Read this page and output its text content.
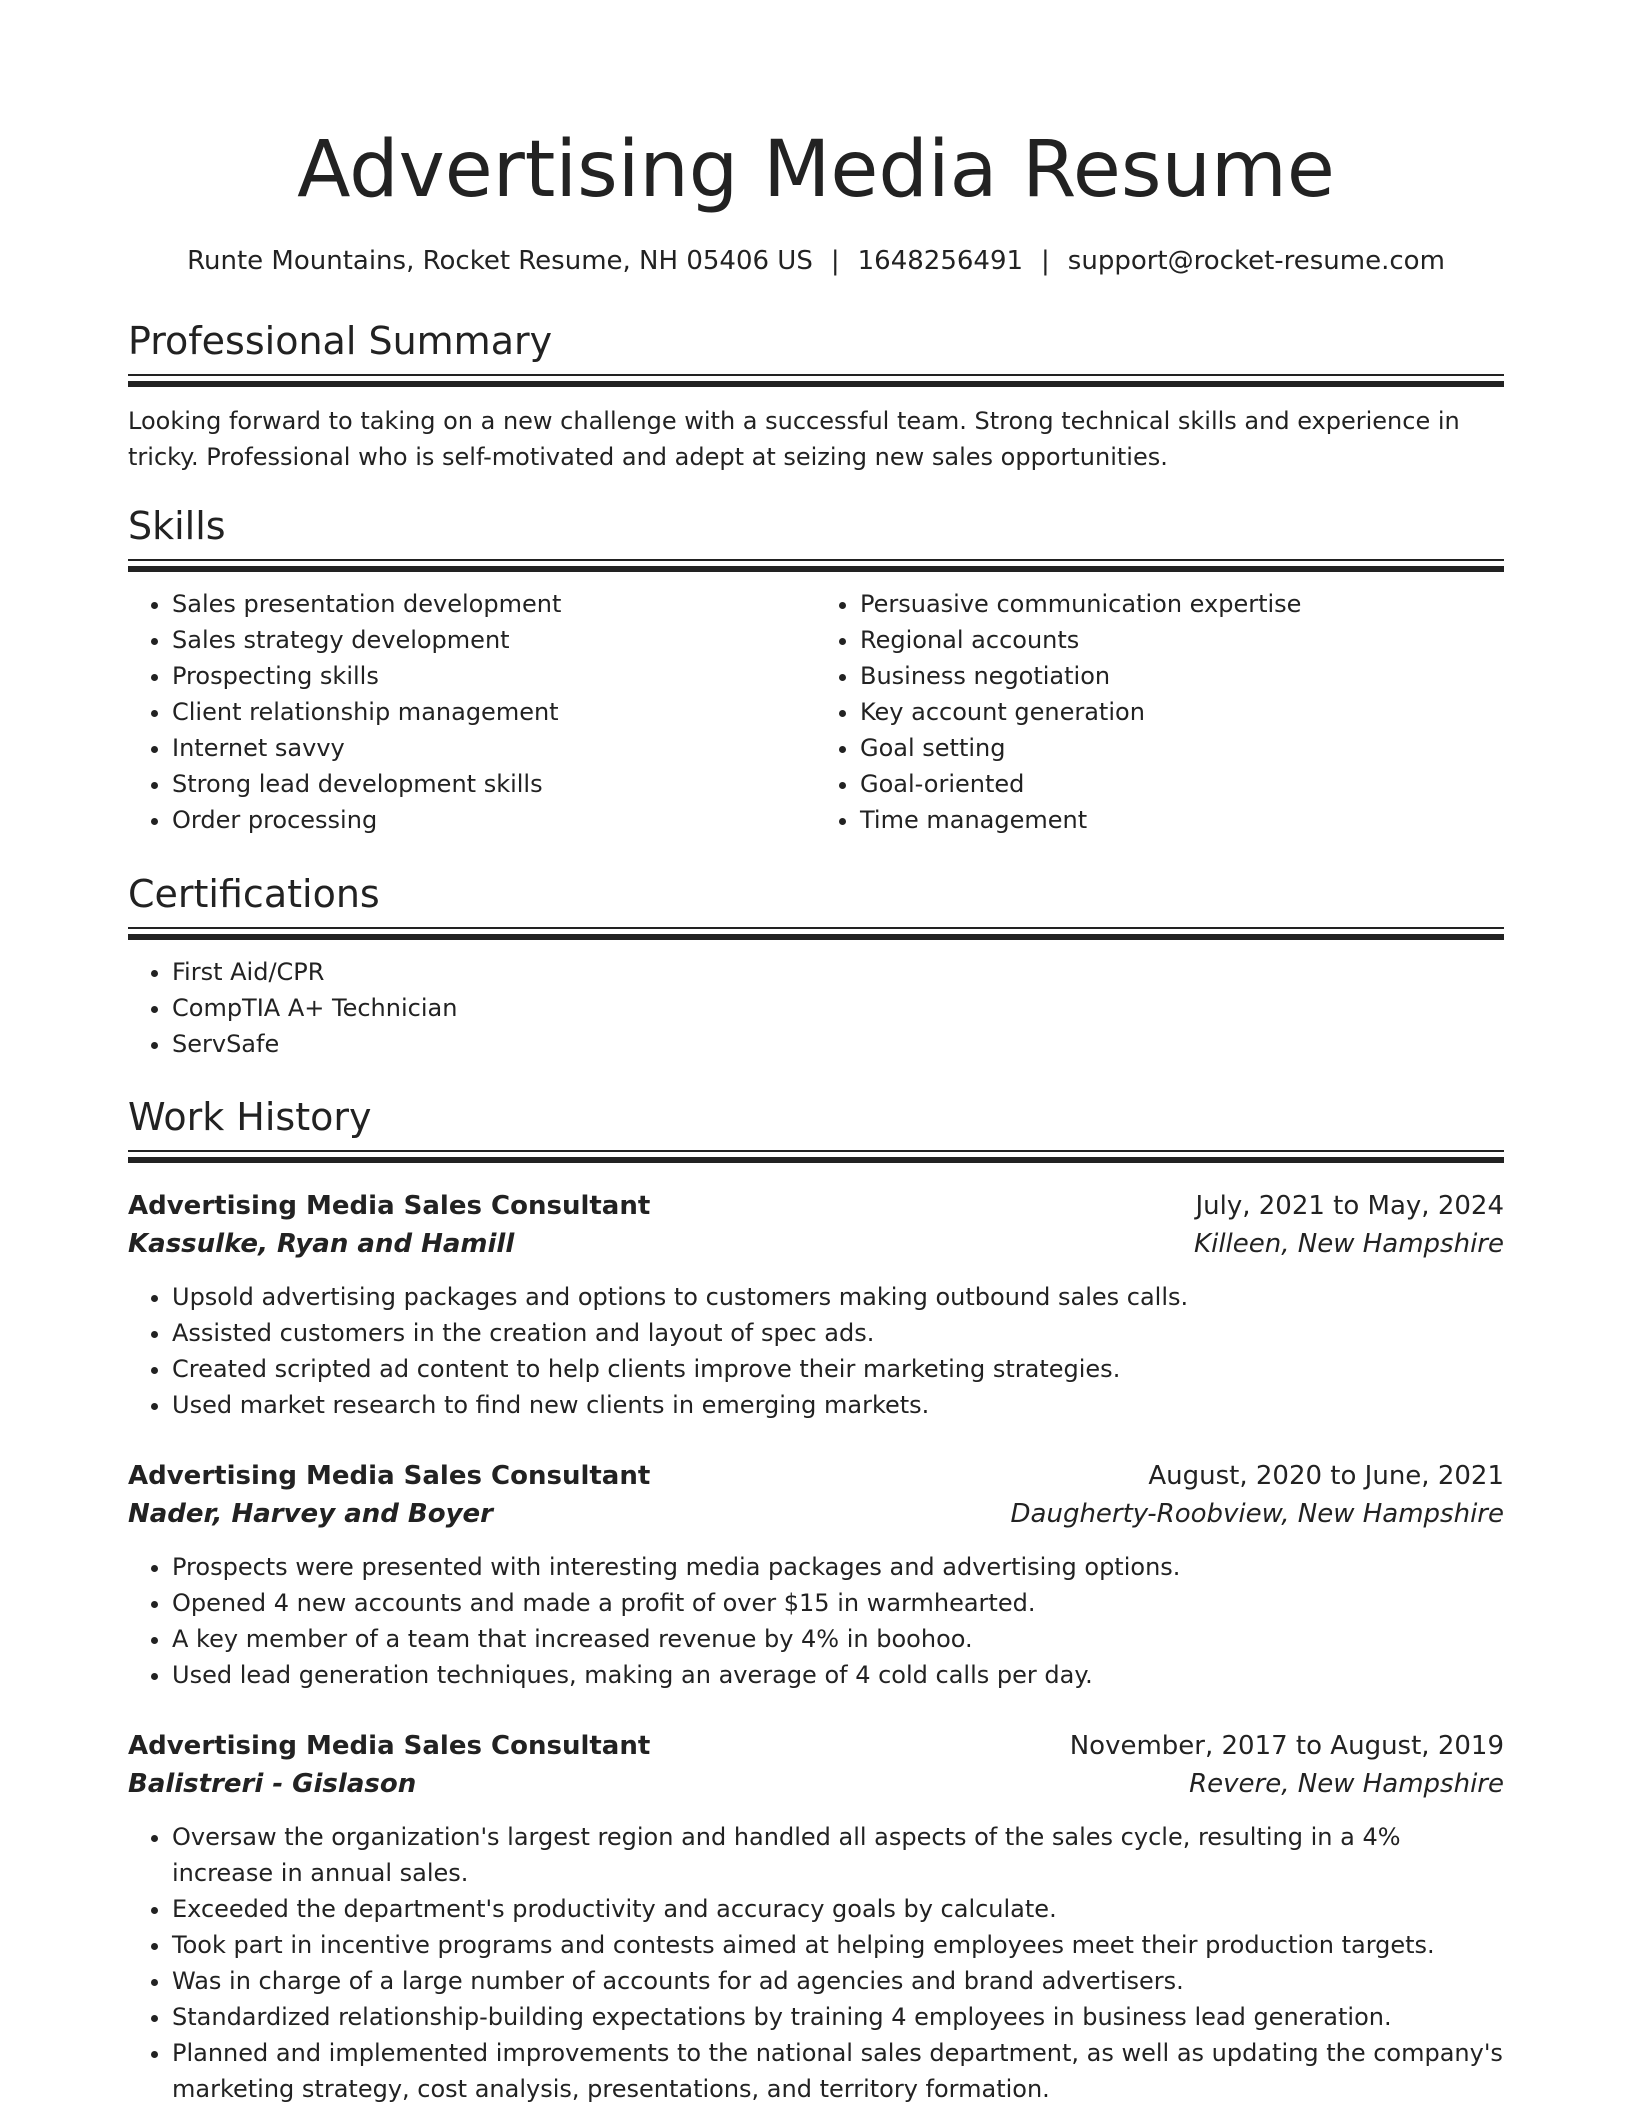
Advertising Media Resume
Runte Mountains, Rocket Resume, NH 05406 US | 1648256491 | support@rocket-resume.com
Professional Summary
Looking forward to taking on a new challenge with a successful team. Strong technical skills and experience in tricky. Professional who is self-motivated and adept at seizing new sales opportunities.
Skills
• Sales presentation development
• Sales strategy development
• Prospecting skills
• Client relationship management
• Internet savvy
• Strong lead development skills
• Order processing
• Persuasive communication expertise
• Regional accounts
• Business negotiation
• Key account generation
• Goal setting
• Goal-oriented
• Time management
Certifications
• First Aid/CPR
• CompTIA A+ Technician
• ServSafe
Work History
Advertising Media Sales Consultant	July, 2021 to May, 2024
Kassulke, Ryan and Hamill	Killeen, New Hampshire
• Upsold advertising packages and options to customers making outbound sales calls.
• Assisted customers in the creation and layout of spec ads.
• Created scripted ad content to help clients improve their marketing strategies.
• Used market research to find new clients in emerging markets.
Advertising Media Sales Consultant	August, 2020 to June, 2021
Nader, Harvey and Boyer	Daugherty-Roobview, New Hampshire
• Prospects were presented with interesting media packages and advertising options.
• Opened 4 new accounts and made a profit of over $15 in warmhearted.
• A key member of a team that increased revenue by 4% in boohoo.
• Used lead generation techniques, making an average of 4 cold calls per day.
Advertising Media Sales Consultant	November, 2017 to August, 2019
Balistreri - Gislason	Revere, New Hampshire
• Oversaw the organization's largest region and handled all aspects of the sales cycle, resulting in a 4% increase in annual sales.
• Exceeded the department's productivity and accuracy goals by calculate.
• Took part in incentive programs and contests aimed at helping employees meet their production targets.
• Was in charge of a large number of accounts for ad agencies and brand advertisers.
• Standardized relationship-building expectations by training 4 employees in business lead generation.
• Planned and implemented improvements to the national sales department, as well as updating the company's marketing strategy, cost analysis, presentations, and territory formation.
